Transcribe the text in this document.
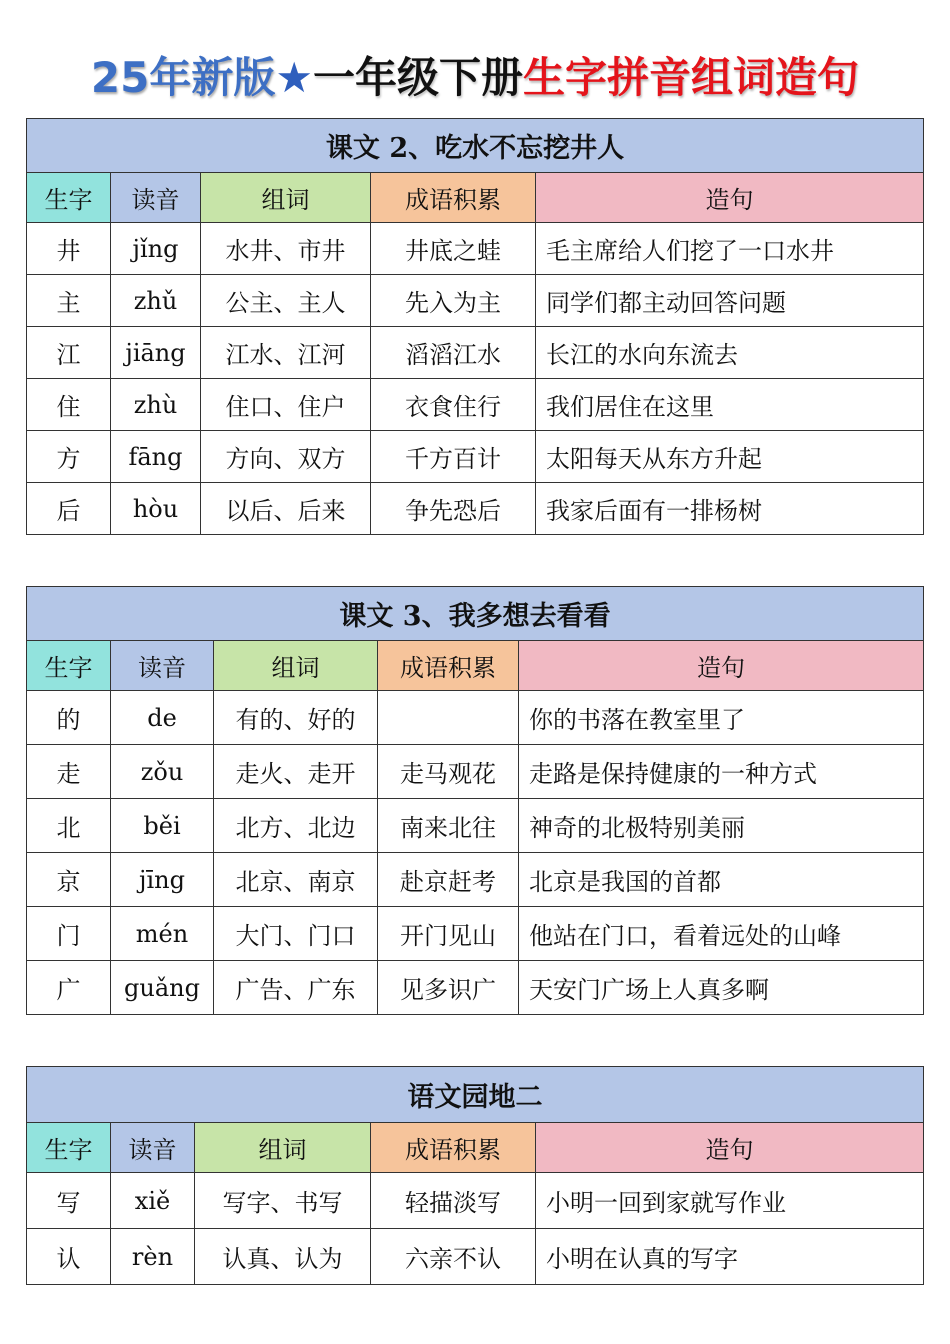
25年新版★一年级下册生字拼音组词造句
课文 2、吃水不忘挖井人				
生字	读音	组词	成语积累	造句
井	jǐng	水井、市井	井底之蛙	毛主席给人们挖了一口水井
主	zhǔ	公主、主人	先入为主	同学们都主动回答问题
江	jiāng	江水、江河	滔滔江水	长江的水向东流去
住	zhù	住口、住户	衣食住行	我们居住在这里
方	fāng	方向、双方	千方百计	太阳每天从东方升起
后	hòu	以后、后来	争先恐后	我家后面有一排杨树
课文 3、我多想去看看				
生字	读音	组词	成语积累	造句
的	de	有的、好的		你的书落在教室里了
走	zǒu	走火、走开	走马观花	走路是保持健康的一种方式
北	běi	北方、北边	南来北往	神奇的北极特别美丽
京	jīng	北京、南京	赴京赶考	北京是我国的首都
门	mén	大门、门口	开门见山	他站在门口，看着远处的山峰
广	guǎng	广告、广东	见多识广	天安门广场上人真多啊
语文园地二				
生字	读音	组词	成语积累	造句
写	xiě	写字、书写	轻描淡写	小明一回到家就写作业
认	rèn	认真、认为	六亲不认	小明在认真的写字
